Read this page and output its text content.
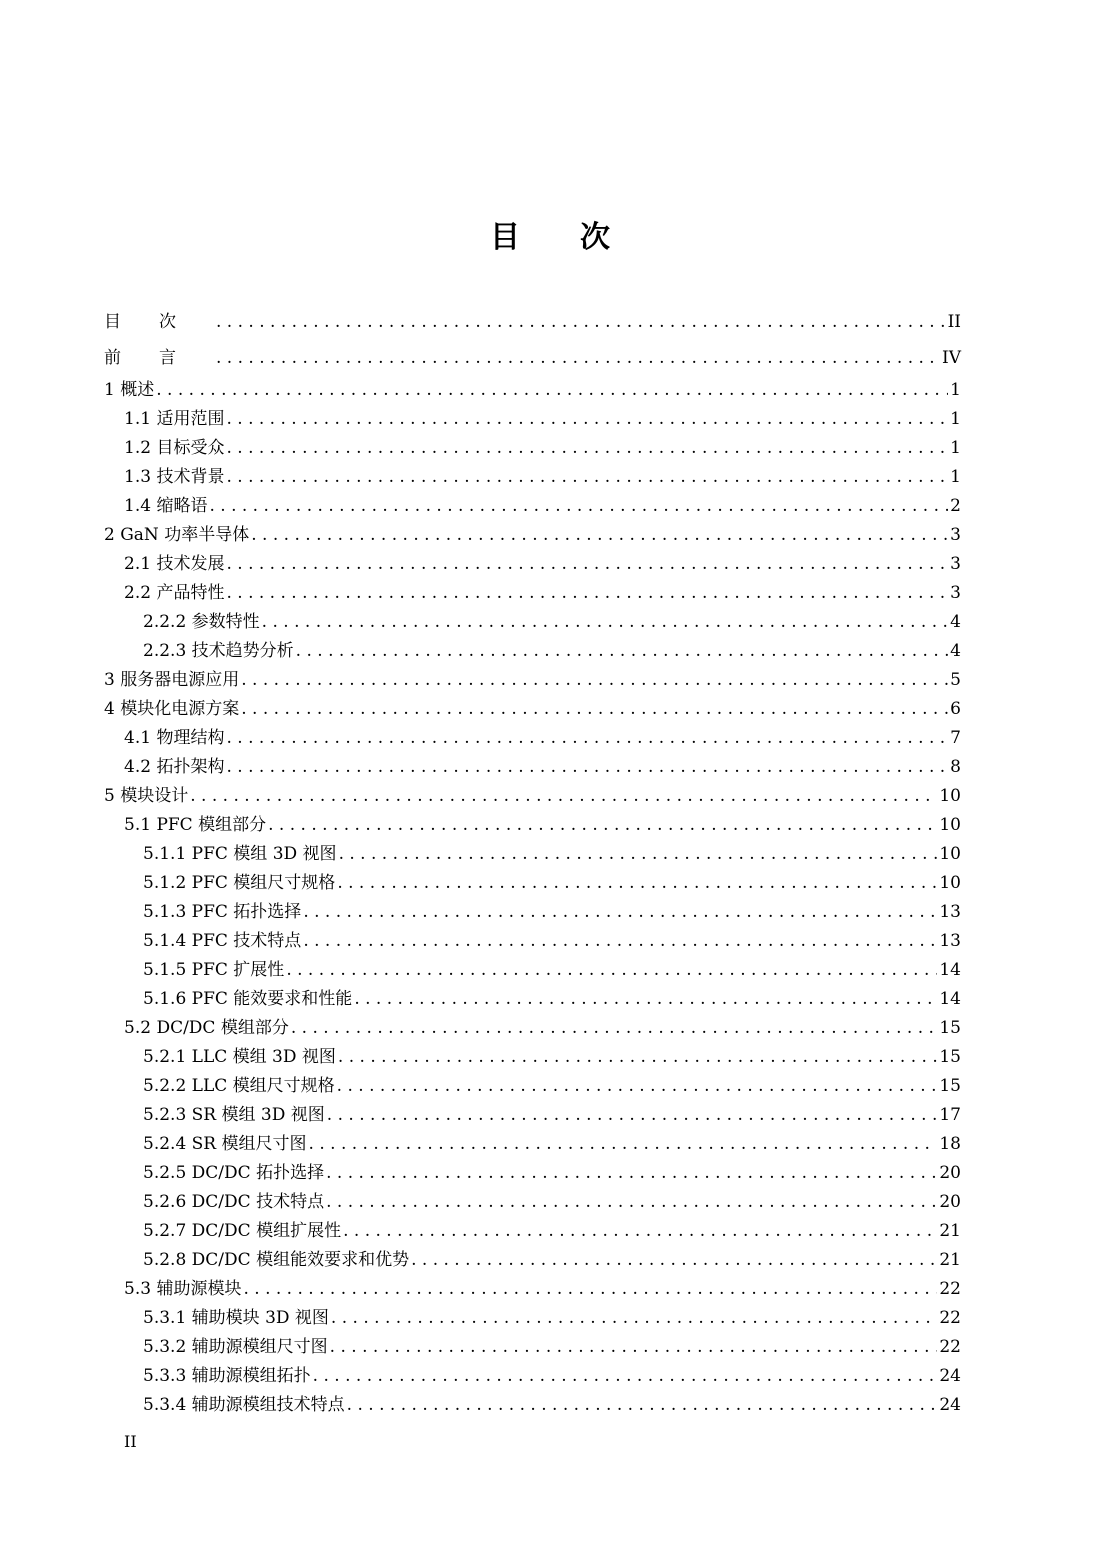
目 次
目次 . . .	II
前言 . . .	IV
1 概述 . . .	1
1.1 适用范围 . . .	1
1.2 目标受众 . . .	1
1.3 技术背景 . . .	1
1.4 缩略语 . . .	2
2 GaN 功率半导体 . . .	3
2.1 技术发展 . . .	3
2.2 产品特性 . . .	3
2.2.2 参数特性 . . .	4
2.2.3 技术趋势分析 . . .	4
3 服务器电源应用 . . .	5
4 模块化电源方案 . . .	6
4.1 物理结构 . . .	7
4.2 拓扑架构 . . .	8
5 模块设计 . . .	10
5.1 PFC 模组部分 . . .	10
5.1.1 PFC 模组 3D 视图 . . .	10
5.1.2 PFC 模组尺寸规格 . . .	10
5.1.3 PFC 拓扑选择 . . .	13
5.1.4 PFC 技术特点 . . .	13
5.1.5 PFC 扩展性 . . .	14
5.1.6 PFC 能效要求和性能 . . .	14
5.2 DC/DC 模组部分 . . .	15
5.2.1 LLC 模组 3D 视图 . . .	15
5.2.2 LLC 模组尺寸规格 . . .	15
5.2.3 SR 模组 3D 视图 . . .	17
5.2.4 SR 模组尺寸图 . . .	18
5.2.5 DC/DC 拓扑选择 . . .	20
5.2.6 DC/DC 技术特点 . . .	20
5.2.7 DC/DC 模组扩展性 . . .	21
5.2.8 DC/DC 模组能效要求和优势 . . .	21
5.3 辅助源模块 . . .	22
5.3.1 辅助模块 3D 视图 . . .	22
5.3.2 辅助源模组尺寸图 . . .	22
5.3.3 辅助源模组拓扑 . . .	24
5.3.4 辅助源模组技术特点 . . .	24
II
